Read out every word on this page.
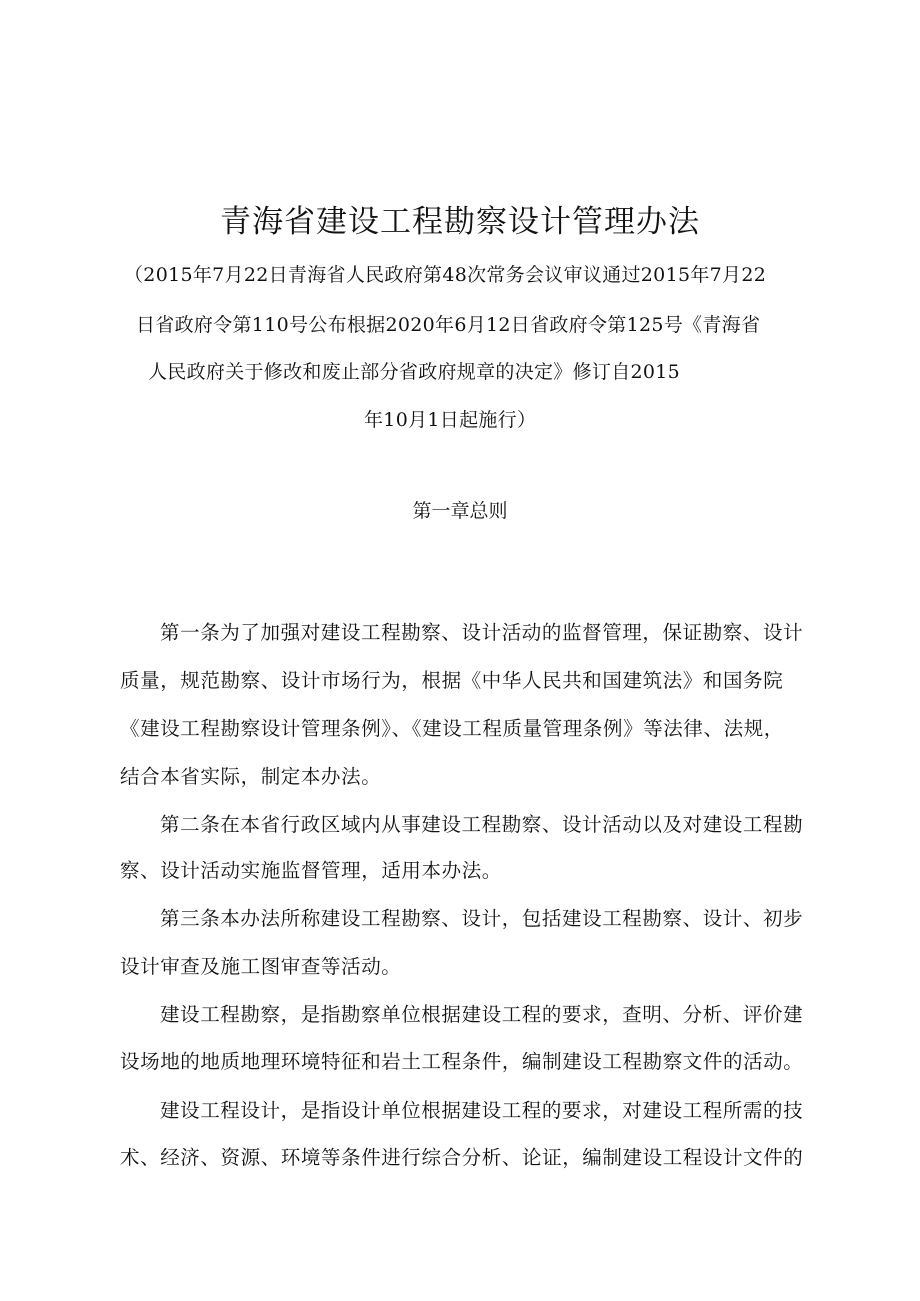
青海省建设工程勘察设计管理办法
（2015年7月22日青海省人民政府第48次常务会议审议通过2015年7月22
日省政府令第110号公布根据2020年6月12日省政府令第125号《青海省
人民政府关于修改和废止部分省政府规章的决定》修订自2015
年10月1日起施行）
第一章总则
第一条为了加强对建设工程勘察、设计活动的监督管理，保证勘察、设计
质量，规范勘察、设计市场行为，根据《中华人民共和国建筑法》和国务院
《建设工程勘察设计管理条例》、《建设工程质量管理条例》等法律、法规，
结合本省实际，制定本办法。
第二条在本省行政区域内从事建设工程勘察、设计活动以及对建设工程勘
察、设计活动实施监督管理，适用本办法。
第三条本办法所称建设工程勘察、设计，包括建设工程勘察、设计、初步
设计审查及施工图审查等活动。
建设工程勘察，是指勘察单位根据建设工程的要求，查明、分析、评价建
设场地的地质地理环境特征和岩土工程条件，编制建设工程勘察文件的活动。
建设工程设计，是指设计单位根据建设工程的要求，对建设工程所需的技
术、经济、资源、环境等条件进行综合分析、论证，编制建设工程设计文件的
